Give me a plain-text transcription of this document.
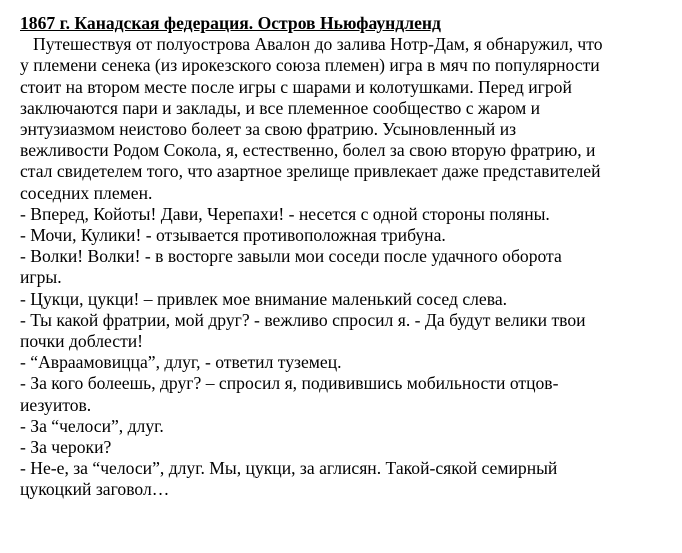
1867 г. Канадская федерация. Остров Ньюфаундленд
Путешествуя от полуострова Авалон до залива Нотр-Дам, я обнаружил, что
у племени сенека (из ирокезского союза племен) игра в мяч по популярности
стоит на втором месте после игры с шарами и колотушками. Перед игрой
заключаются пари и заклады, и все племенное сообщество с жаром и
энтузиазмом неистово болеет за свою фратрию. Усыновленный из
вежливости Родом Сокола, я, естественно, болел за свою вторую фратрию, и
стал свидетелем того, что азартное зрелище привлекает даже представителей
соседних племен.
- Вперед, Койоты! Дави, Черепахи! - несется с одной стороны поляны.
- Мочи, Кулики! - отзывается противоположная трибуна.
- Волки! Волки! - в восторге завыли мои соседи после удачного оборота
игры.
- Цукци, цукци! – привлек мое внимание маленький сосед слева.
- Ты какой фратрии, мой друг? - вежливо спросил я. - Да будут велики твои
почки доблести!
- “Авраамовицца”, длуг, - ответил туземец.
- За кого болеешь, друг? – спросил я, подивившись мобильности отцов-
иезуитов.
- За “челоси”, длуг.
- За чероки?
- Не-е, за “челоси”, длуг. Мы, цукци, за аглисян. Такой-сякой семирный
цукоцкий заговол…
